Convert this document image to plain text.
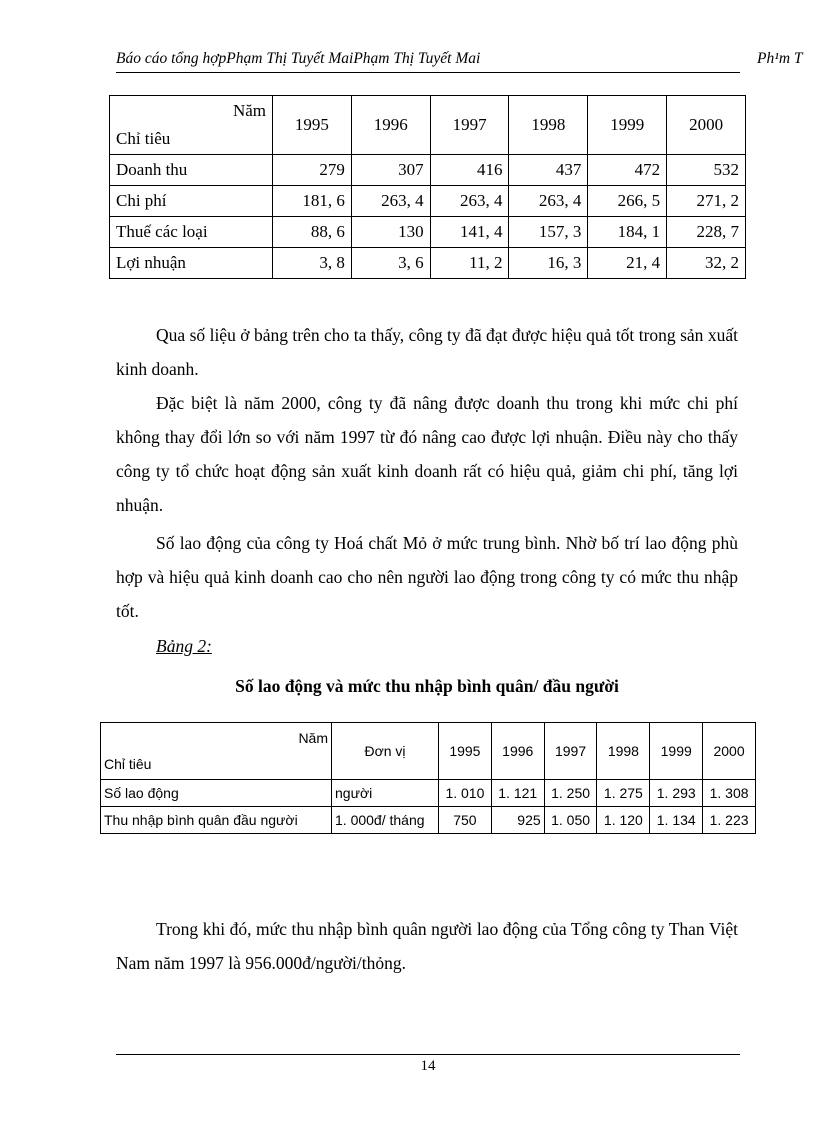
Báo cáo tổng hợpPhạm Thị Tuyết MaiPhạm Thị Tuyết Mai	Ph¹m T
Năm
Chỉ tiêu	1995	1996	1997	1998	1999	2000
Doanh thu	279	307	416	437	472	532
Chi phí	181, 6	263, 4	263, 4	263, 4	266, 5	271, 2
Thuế các loại	88, 6	130	141, 4	157, 3	184, 1	228, 7
Lợi nhuận	3, 8	3, 6	11, 2	16, 3	21, 4	32, 2

Qua số liệu ở bảng trên cho ta thấy, công ty đã đạt được hiệu quả tốt trong sản xuất kinh doanh.

Đặc biệt là năm 2000, công ty đã nâng được doanh thu trong khi mức chi phí không thay đổi lớn so với năm 1997 từ đó nâng cao được lợi nhuận. Điều này cho thấy công ty tổ chức hoạt động sản xuất kinh doanh rất có hiệu quả, giảm chi phí, tăng lợi nhuận.

Số lao động của công ty Hoá chất Mỏ ở mức trung bình. Nhờ bố trí lao động phù hợp và hiệu quả kinh doanh cao cho nên người lao động trong công ty có mức thu nhập tốt.

Bảng 2:
Số lao động và mức thu nhập bình quân/ đầu người
Năm
Chỉ tiêu	Đơn vị	1995	1996	1997	1998	1999	2000
Số lao động	người	1. 010	1. 121	1. 250	1. 275	1. 293	1. 308
Thu nhập bình quân đầu người	1. 000đ/ tháng	750	925	1. 050	1. 120	1. 134	1. 223

Trong khi đó, mức thu nhập bình quân người lao động của Tổng công ty Than Việt Nam năm 1997 là 956.000đ/người/thỏng.

14
